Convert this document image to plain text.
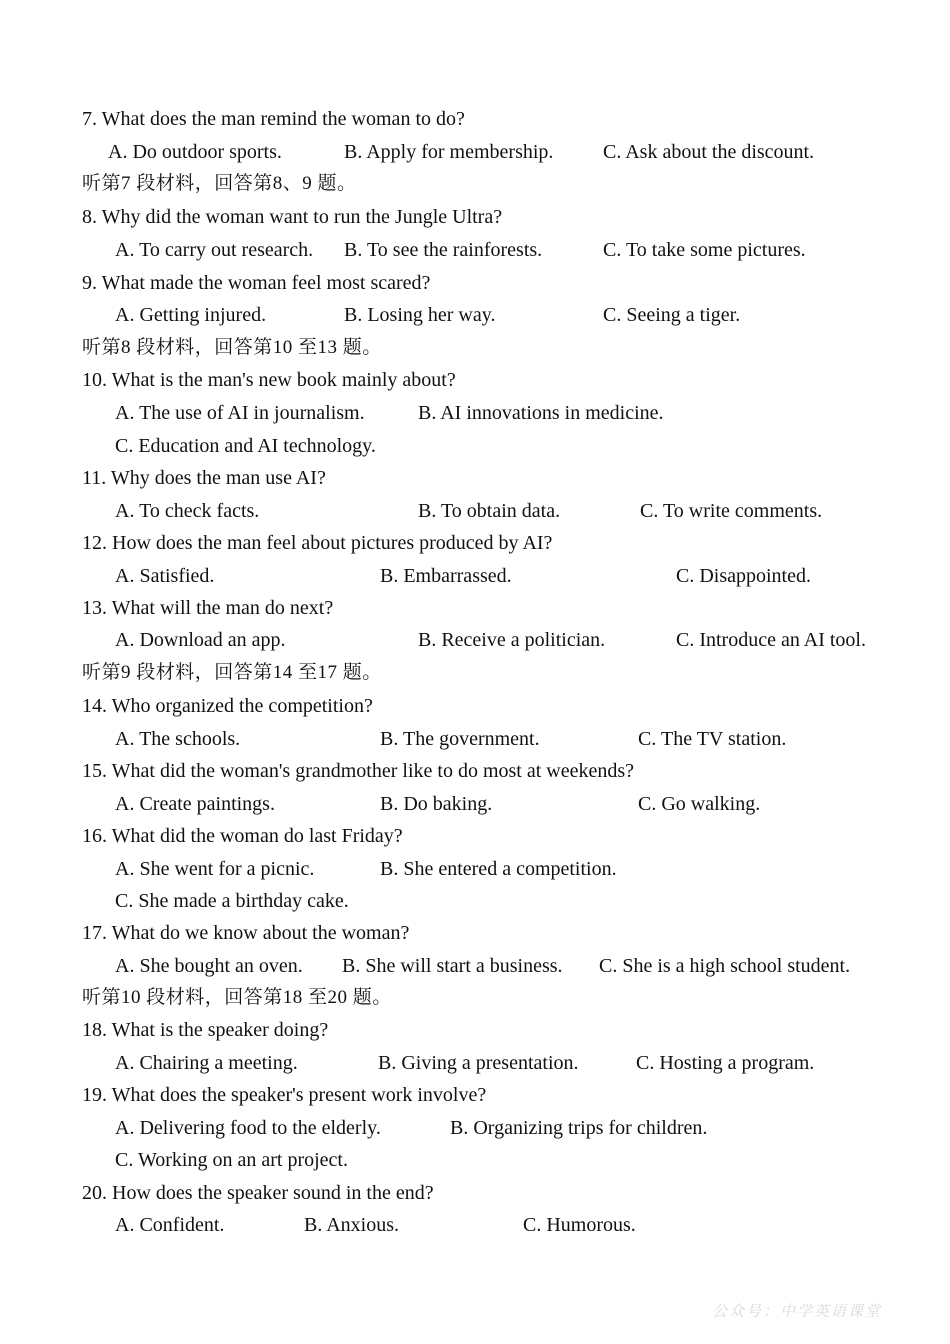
7. What does the man remind the woman to do?
A. Do outdoor sports.	B. Apply for membership. C. Ask about the discount.
听第7 段材料，回答第8、9 题。
8. Why did the woman want to run the Jungle Ultra?
A. To carry out research. B. To see the rainforests.	C. To take some pictures.
9. What made the woman feel most scared?
A. Getting injured.	B. Losing her way.	C. Seeing a tiger.
听第8 段材料，回答第10 至13 题。
10. What is the man's new book mainly about?
A. The use of AI in journalism.	B. AI innovations in medicine.
C. Education and AI technology.
11. Why does the man use AI?
A. To check facts.	B. To obtain data.	C. To write comments.
12. How does the man feel about pictures produced by AI?
A. Satisfied.	B. Embarrassed.	C. Disappointed.
13. What will the man do next?
A. Download an app.	B. Receive a politician.	C. Introduce an AI tool.
听第9 段材料，回答第14 至17 题。
14. Who organized the competition?
A. The schools.	B. The government.	C. The TV station.
15. What did the woman's grandmother like to do most at weekends?
A. Create paintings.	B. Do baking.	C. Go walking.
16. What did the woman do last Friday?
A. She went for a picnic.	B. She entered a competition.
C. She made a birthday cake.
17. What do we know about the woman?
A. She bought an oven. B. She will start a business. C. She is a high school student.
听第10 段材料，回答第18 至20 题。
18. What is the speaker doing?
A. Chairing a meeting.	B. Giving a presentation.	C. Hosting a program.
19. What does the speaker's present work involve?
A. Delivering food to the elderly.	B. Organizing trips for children.
C. Working on an art project.
20. How does the speaker sound in the end?
A. Confident.	B. Anxious.	C. Humorous.
公众号：中学英语课堂
